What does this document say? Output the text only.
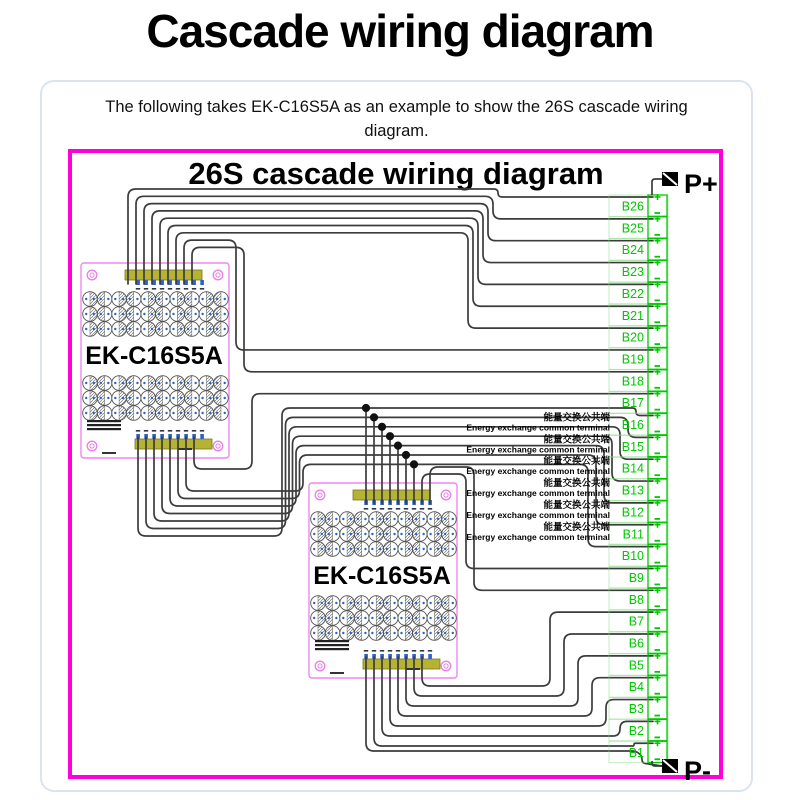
Cascade wiring diagram

The following takes EK-C16S5A as an example to show the 26S cascade wiring diagram.

26S cascade wiring diagram
EK-C16S5A
EK-C16S5A
B26
B25
B24
B23
B22
B21
B20
B19
B18
B17
B16
B15
B14
B13
B12
B11
B10
B9
B8
B7
B6
B5
B4
B3
B2
B1
能量交换公共端
Energy exchange common terminal
能量交换公共端
Energy exchange common terminal
能量交换公共端
Energy exchange common terminal
能量交换公共端
Energy exchange common terminal
能量交换公共端
Energy exchange common terminal
能量交换公共端
Energy exchange common terminal
P+
P-
